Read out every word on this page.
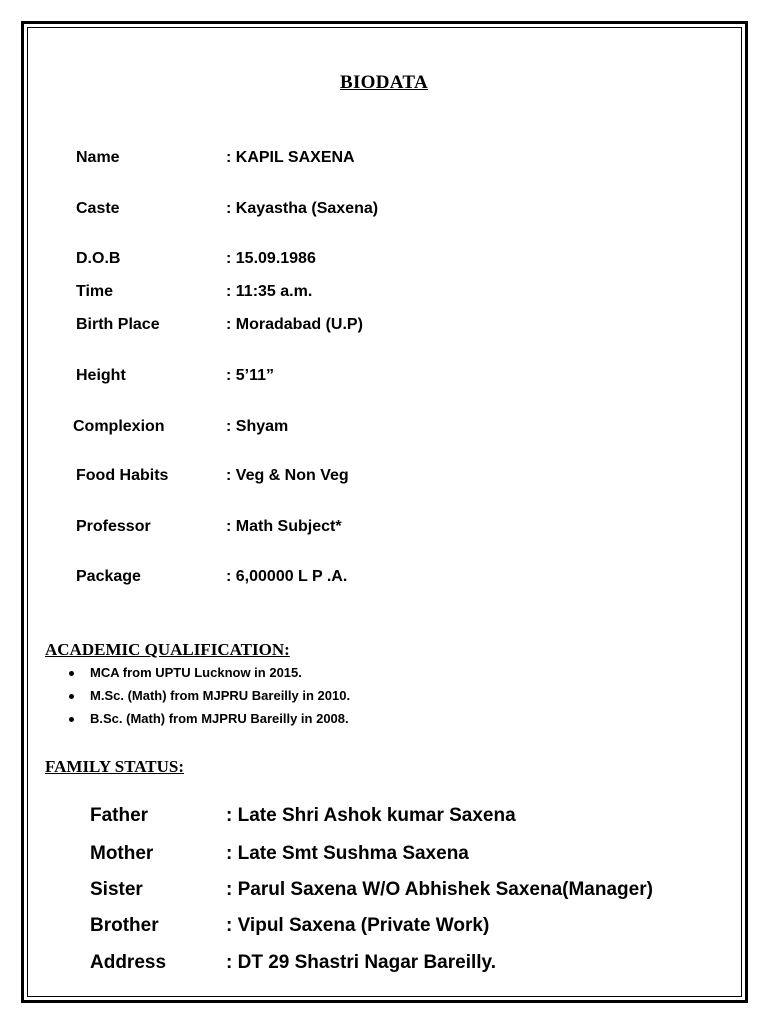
BIODATA
Name	: KAPIL SAXENA
Caste	: Kayastha (Saxena)
D.O.B	: 15.09.1986
Time	: 11:35 a.m.
Birth Place	: Moradabad (U.P)
Height	: 5’11”
Complexion	: Shyam
Food Habits	: Veg & Non Veg
Professor	: Math Subject*
Package	: 6,00000 L P .A.
ACADEMIC QUALIFICATION:
MCA from UPTU Lucknow in 2015.
M.Sc. (Math) from MJPRU Bareilly in 2010.
B.Sc. (Math) from MJPRU Bareilly in 2008.
FAMILY STATUS:
Father	: Late Shri Ashok kumar Saxena
Mother	: Late Smt Sushma Saxena
Sister	: Parul Saxena W/O Abhishek Saxena(Manager)
Brother	: Vipul Saxena (Private Work)
Address	: DT 29 Shastri Nagar Bareilly.
